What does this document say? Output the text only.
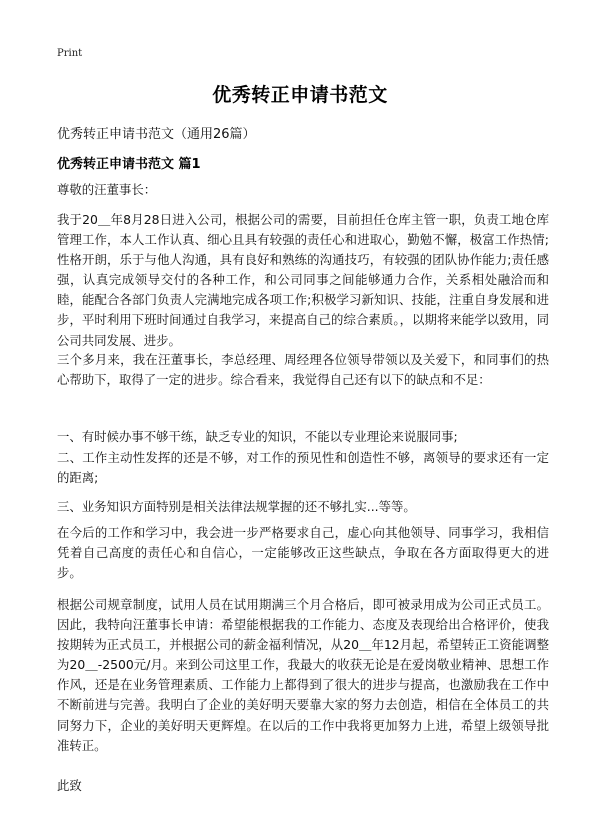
Print
优秀转正申请书范文
优秀转正申请书范文（通用26篇）
优秀转正申请书范文 篇1
尊敬的汪董事长：
我于20＿年8月28日进入公司，根据公司的需要，目前担任仓库主管一职，负责工地仓库管理工作，本人工作认真、细心且具有较强的责任心和进取心，勤勉不懈，极富工作热情;性格开朗，乐于与他人沟通，具有良好和熟练的沟通技巧，有较强的团队协作能力;责任感强，认真完成领导交付的各种工作，和公司同事之间能够通力合作，关系相处融洽而和睦，能配合各部门负责人完满地完成各项工作;积极学习新知识、技能，注重自身发展和进步，平时利用下班时间通过自我学习，来提高自己的综合素质。，以期将来能学以致用，同公司共同发展、进步。
三个多月来，我在汪董事长，李总经理、周经理各位领导带领以及关爱下，和同事们的热心帮助下，取得了一定的进步。综合看来，我觉得自己还有以下的缺点和不足：
一、有时候办事不够干练，缺乏专业的知识，不能以专业理论来说服同事;
二、工作主动性发挥的还是不够，对工作的预见性和创造性不够，离领导的要求还有一定的距离;
三、业务知识方面特别是相关法律法规掌握的还不够扎实...等等。
在今后的工作和学习中，我会进一步严格要求自己，虚心向其他领导、同事学习，我相信凭着自己高度的责任心和自信心，一定能够改正这些缺点，争取在各方面取得更大的进步。
根据公司规章制度，试用人员在试用期满三个月合格后，即可被录用成为公司正式员工。因此，我特向汪董事长申请：希望能根据我的工作能力、态度及表现给出合格评价，使我按期转为正式员工，并根据公司的薪金福利情况，从20＿年12月起，希望转正工资能调整为20＿-2500元/月。来到公司这里工作，我最大的收获无论是在爱岗敬业精神、思想工作作风，还是在业务管理素质、工作能力上都得到了很大的进步与提高，也激励我在工作中不断前进与完善。我明白了企业的美好明天要靠大家的努力去创造，相信在全体员工的共同努力下，企业的美好明天更辉煌。在以后的工作中我将更加努力上进，希望上级领导批准转正。
此致
